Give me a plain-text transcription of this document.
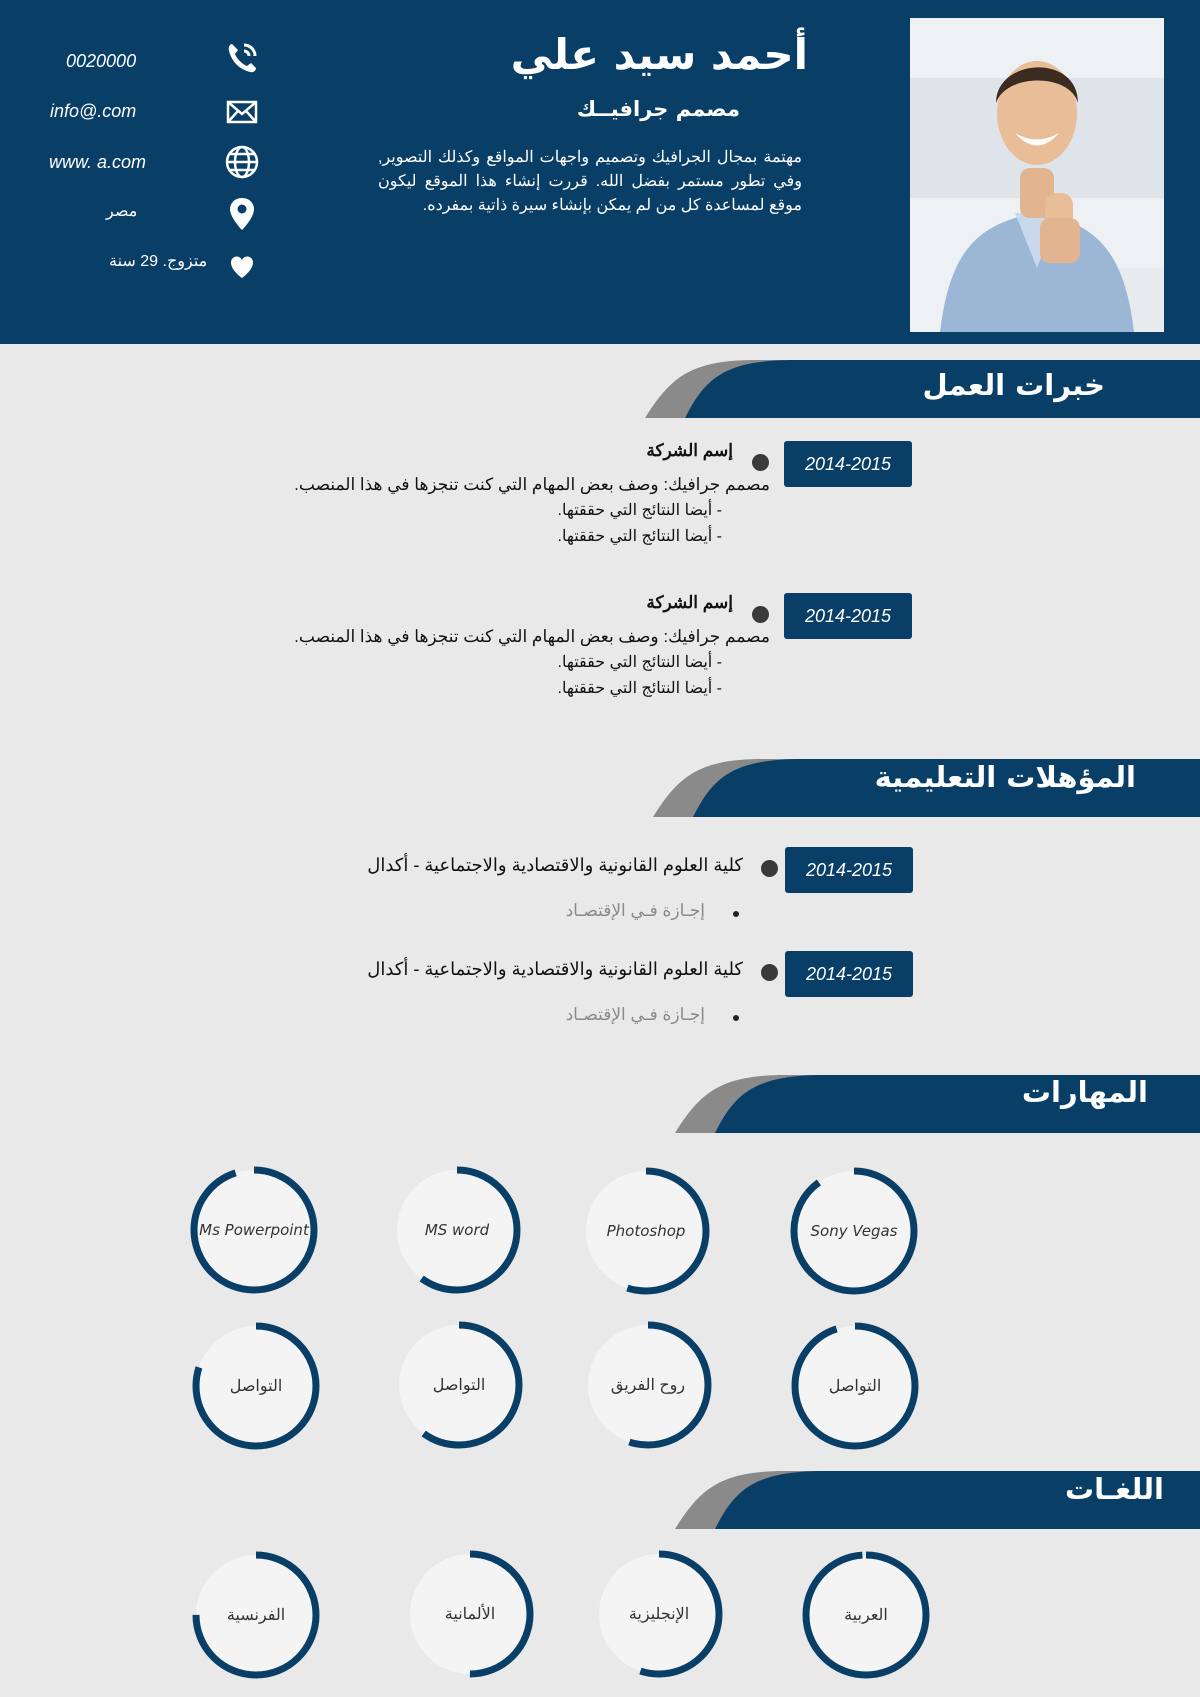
أحمد سيد علي
مصمم جرافيــك
مهتمة بمجال الجرافيك وتصميم واجهات المواقع وكذلك التصوير, وفي تطور مستمر بفضل الله. قررت إنشاء هذا الموقع ليكون موقع لمساعدة كل من لم يمكن بإنشاء سيرة ذاتية بمفرده.
0020000
info@.com
www. a.com
مصر
متزوج. 29 سنة
خبرات العمل
2014-2015
إسم الشركة
مصمم جرافيك: وصف بعض المهام التي كنت تنجزها في هذا المنصب.
- أيضا النتائج التي حققتها.
- أيضا النتائج التي حققتها.
2014-2015
إسم الشركة
مصمم جرافيك: وصف بعض المهام التي كنت تنجزها في هذا المنصب.
- أيضا النتائج التي حققتها.
- أيضا النتائج التي حققتها.
المؤهلات التعليمية
2014-2015
كلية العلوم القانونية والاقتصادية والاجتماعية - أكدال
إجـازة فـي الإقتصـاد
2014-2015
كلية العلوم القانونية والاقتصادية والاجتماعية - أكدال
إجـازة فـي الإقتصـاد
المهارات
Sony Vegas
Photoshop
MS word
Ms Powerpoint
التواصل
روح الفريق
التواصل
التواصل
اللغـات
العربية
الإنجليزية
الألمانية
الفرنسية
